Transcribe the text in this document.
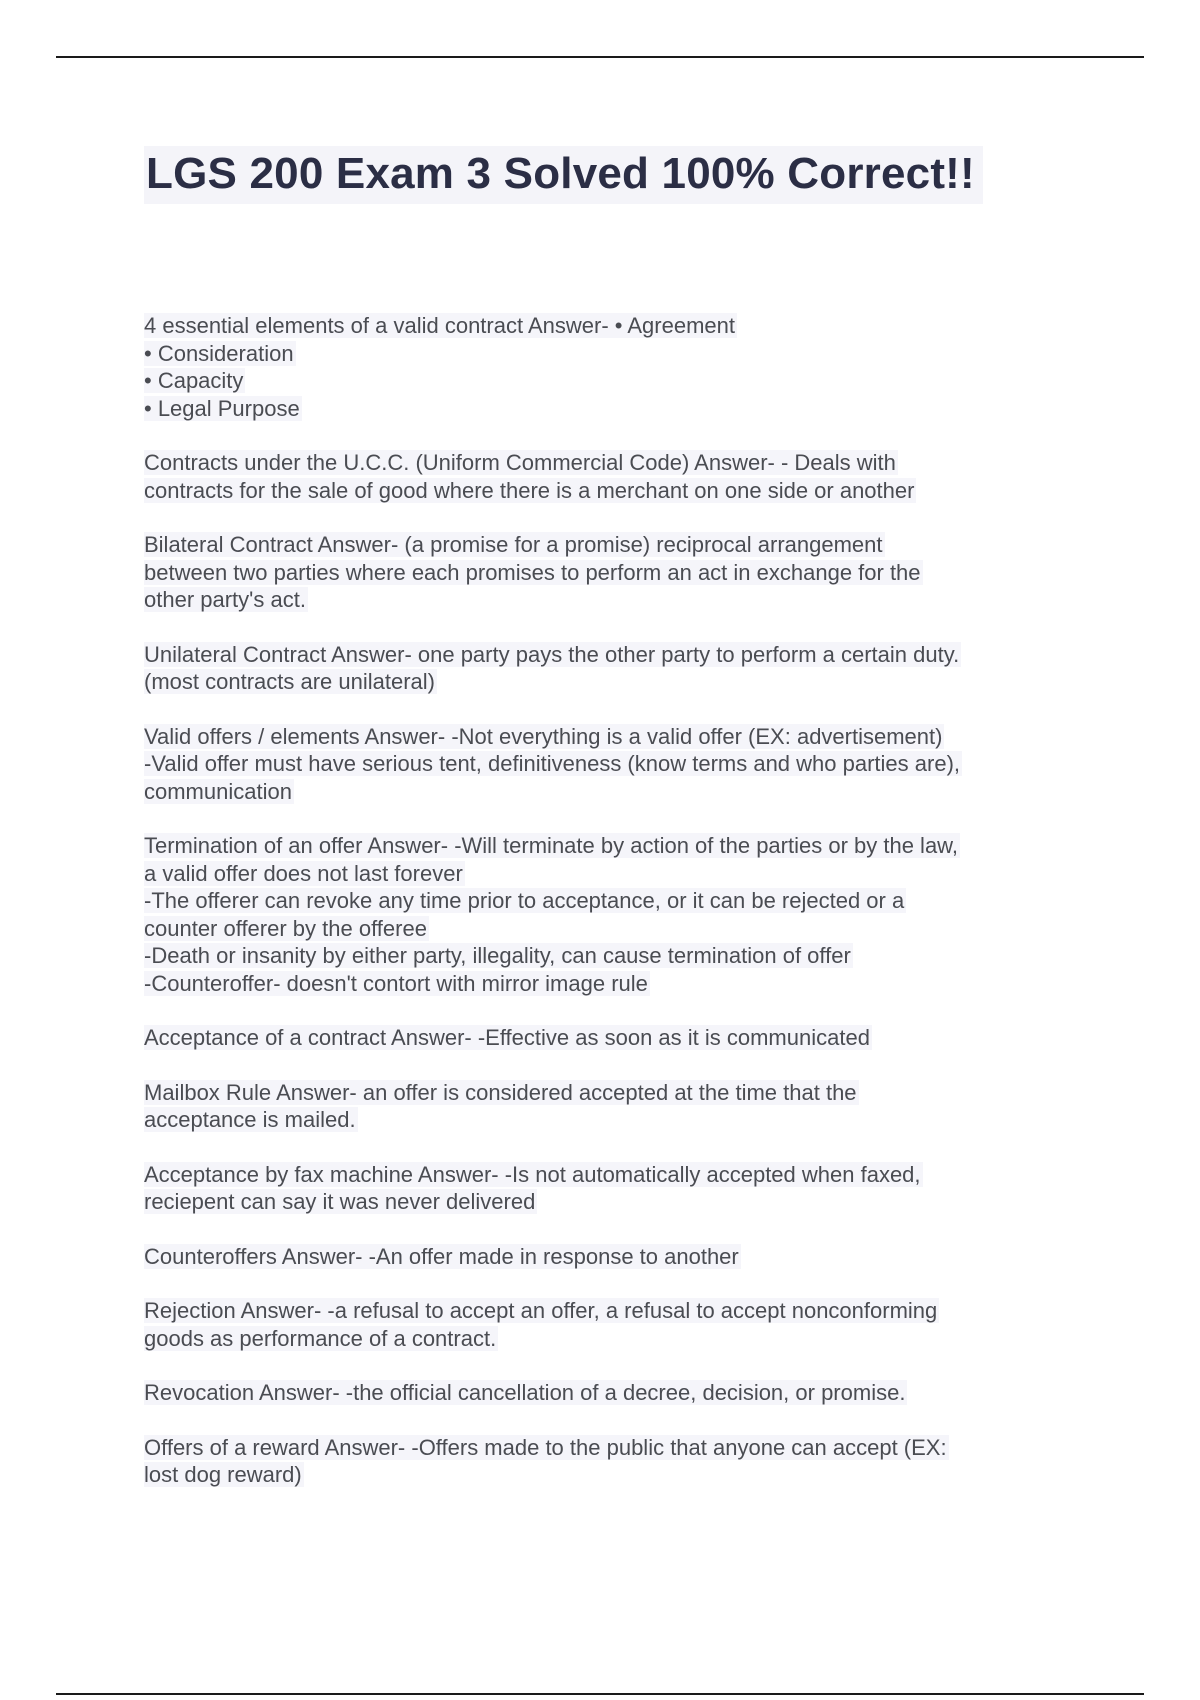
LGS 200 Exam 3 Solved 100% Correct!!
4 essential elements of a valid contract Answer- • Agreement
• Consideration
• Capacity
• Legal Purpose
Contracts under the U.C.C. (Uniform Commercial Code) Answer- - Deals with
contracts for the sale of good where there is a merchant on one side or another
Bilateral Contract Answer- (a promise for a promise) reciprocal arrangement
between two parties where each promises to perform an act in exchange for the
other party's act.
Unilateral Contract Answer- one party pays the other party to perform a certain duty.
(most contracts are unilateral)
Valid offers / elements Answer- -Not everything is a valid offer (EX: advertisement)
-Valid offer must have serious tent, definitiveness (know terms and who parties are),
communication
Termination of an offer Answer- -Will terminate by action of the parties or by the law,
a valid offer does not last forever
-The offerer can revoke any time prior to acceptance, or it can be rejected or a
counter offerer by the offeree
-Death or insanity by either party, illegality, can cause termination of offer
-Counteroffer- doesn't contort with mirror image rule
Acceptance of a contract Answer- -Effective as soon as it is communicated
Mailbox Rule Answer- an offer is considered accepted at the time that the
acceptance is mailed.
Acceptance by fax machine Answer- -Is not automatically accepted when faxed,
reciepent can say it was never delivered
Counteroffers Answer- -An offer made in response to another
Rejection Answer- -a refusal to accept an offer, a refusal to accept nonconforming
goods as performance of a contract.
Revocation Answer- -the official cancellation of a decree, decision, or promise.
Offers of a reward Answer- -Offers made to the public that anyone can accept (EX:
lost dog reward)
